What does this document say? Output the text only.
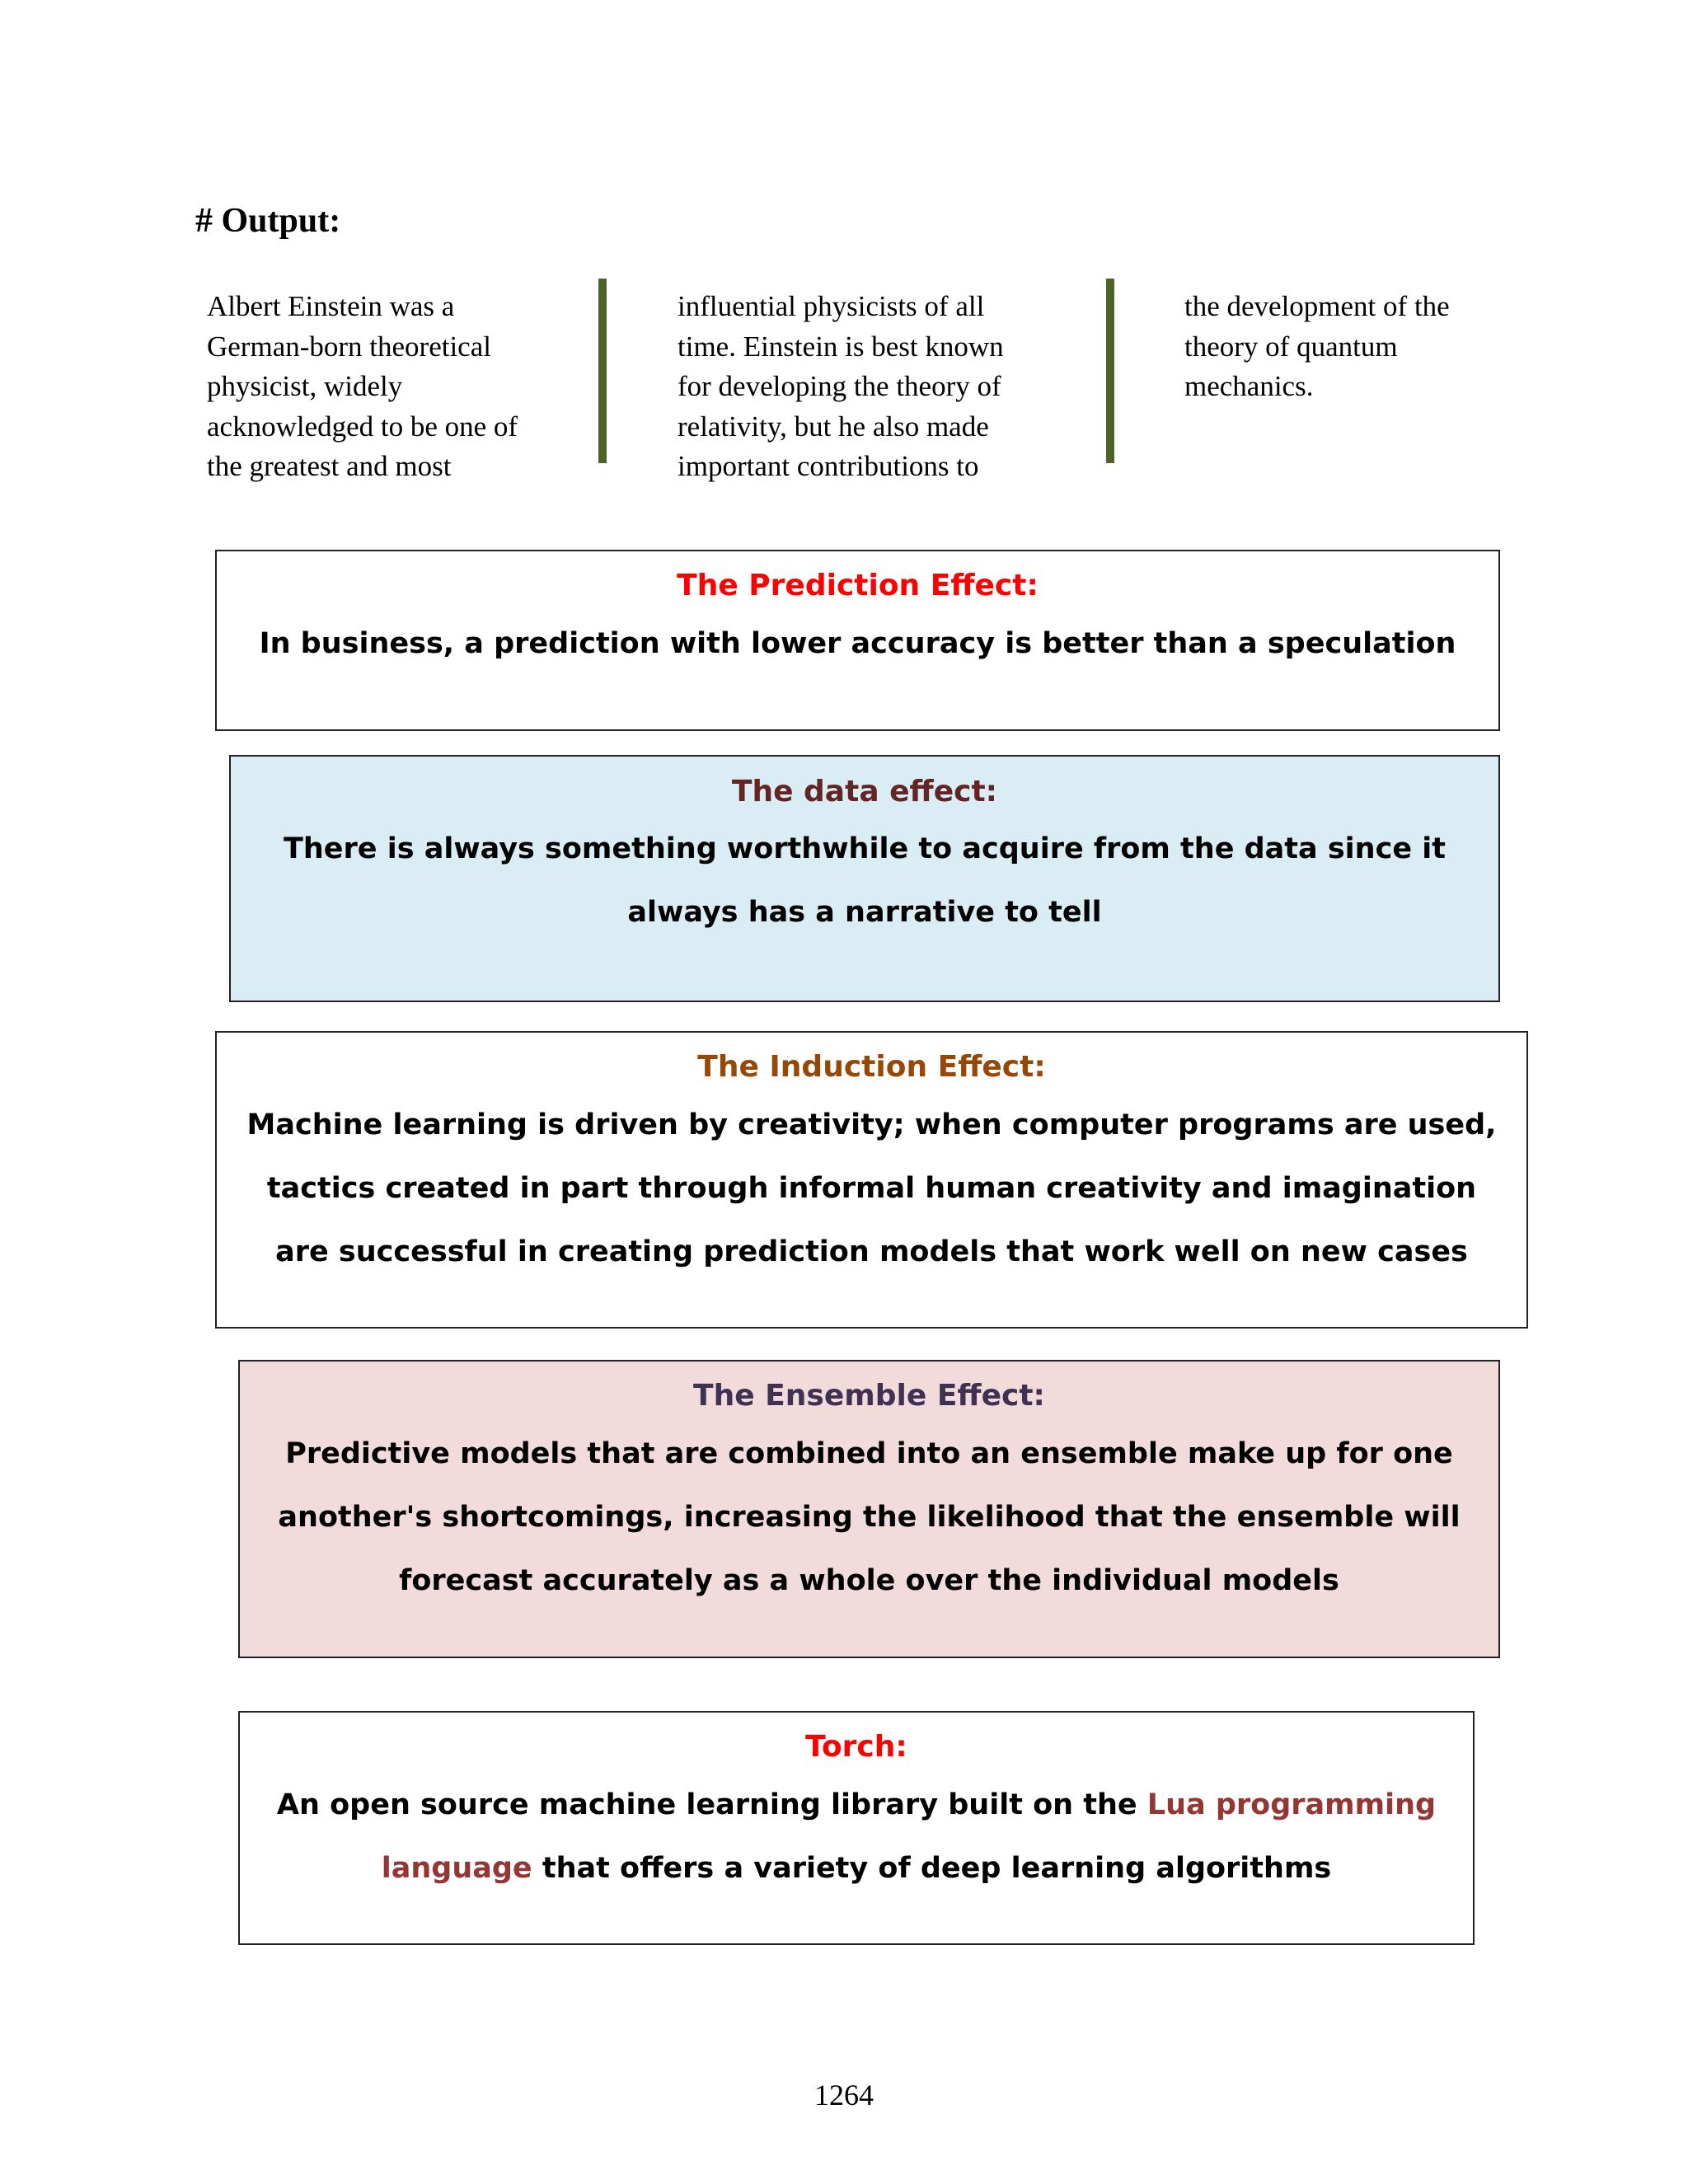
# Output:
Albert Einstein was a
German-born theoretical
physicist, widely
acknowledged to be one of
the greatest and most
influential physicists of all
time. Einstein is best known
for developing the theory of
relativity, but he also made
important contributions to
the development of the
theory of quantum
mechanics.

The Prediction Effect:

In business, a prediction with lower accuracy is better than a speculation

The data effect:

There is always something worthwhile to acquire from the data since it
always has a narrative to tell

The Induction Effect:

Machine learning is driven by creativity; when computer programs are used,
tactics created in part through informal human creativity and imagination
are successful in creating prediction models that work well on new cases

The Ensemble Effect:

Predictive models that are combined into an ensemble make up for one
another's shortcomings, increasing the likelihood that the ensemble will
forecast accurately as a whole over the individual models

Torch:

An open source machine learning library built on the Lua programming
language that offers a variety of deep learning algorithms

1264
